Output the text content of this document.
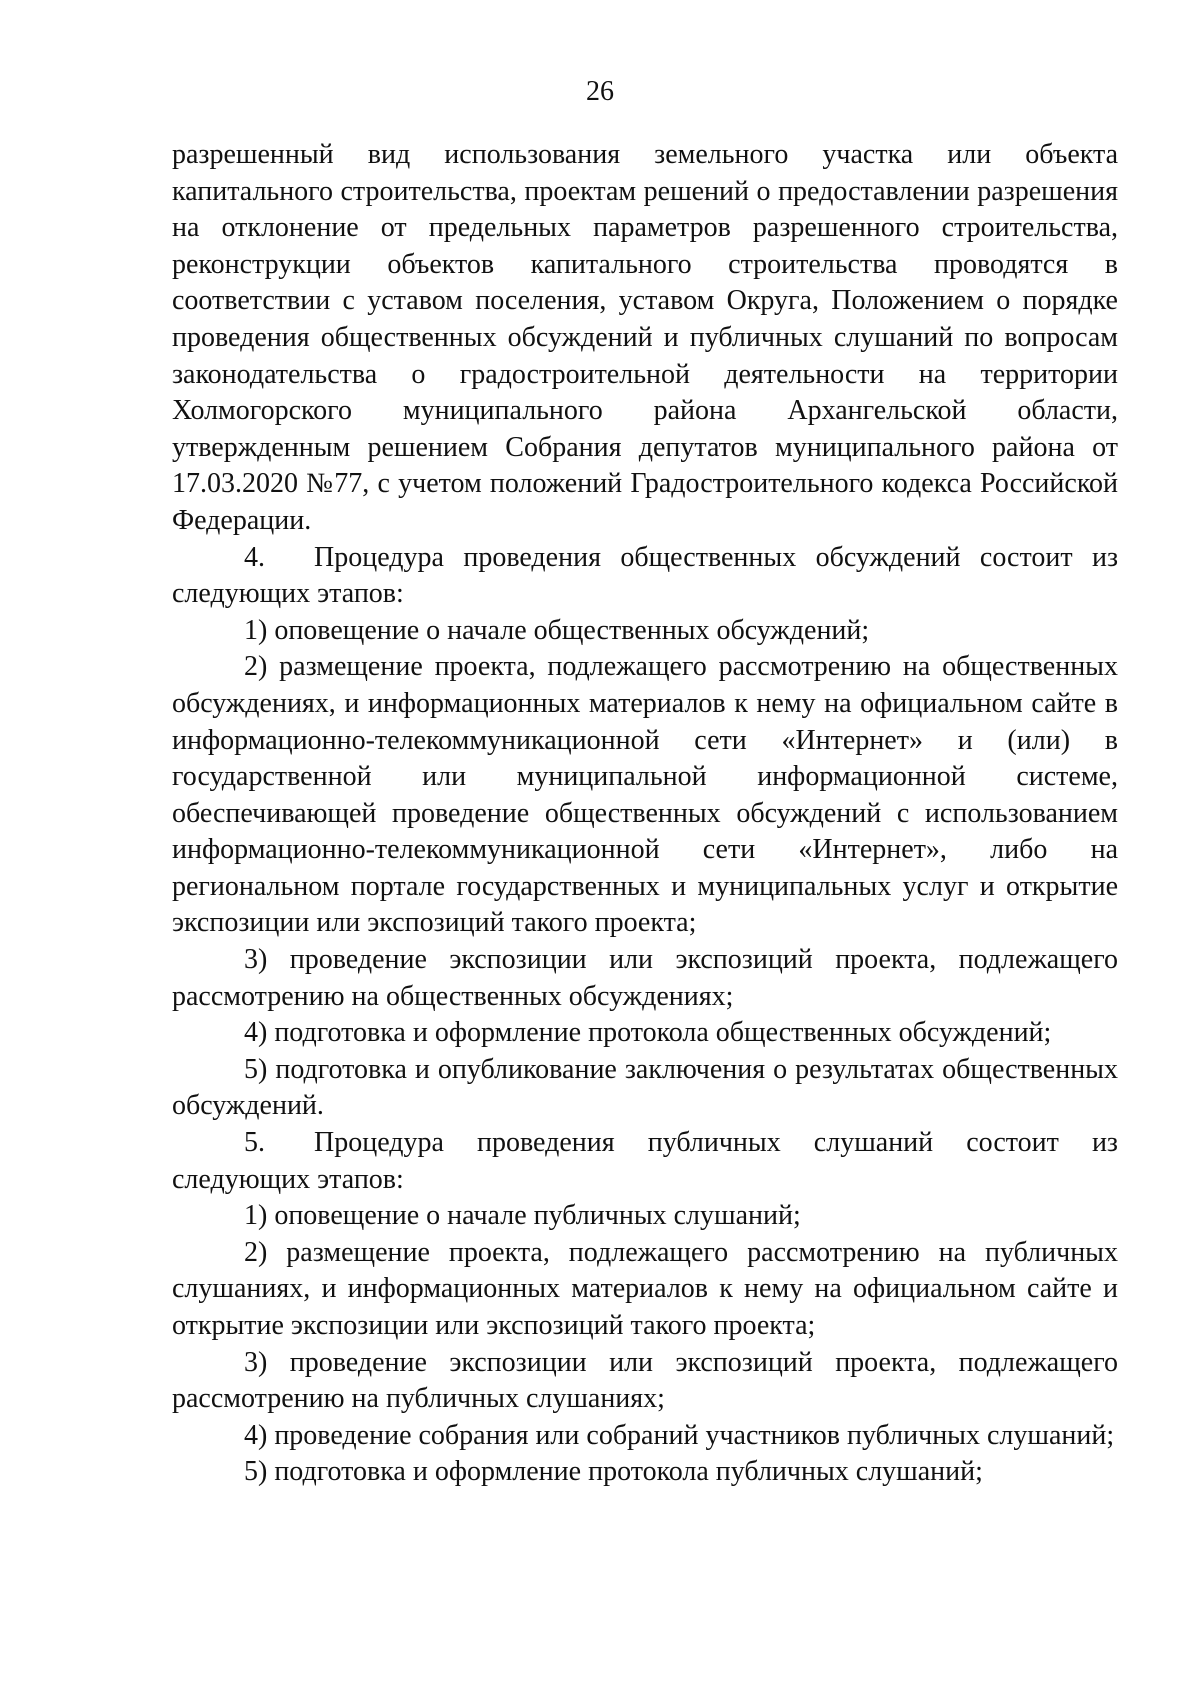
26

разрешенный вид использования земельного участка или объекта капитального строительства, проектам решений о предоставлении разрешения на отклонение от предельных параметров разрешенного строительства, реконструкции объектов капитального строительства проводятся в соответствии с уставом поселения, уставом Округа, Положением о порядке проведения общественных обсуждений и публичных слушаний по вопросам законодательства о градостроительной деятельности на территории Холмогорского муниципального района Архангельской области, утвержденным решением Собрания депутатов муниципального района от 17.03.2020 №77, с учетом положений Градостроительного кодекса Российской Федерации.

4. Процедура проведения общественных обсуждений состоит из следующих этапов:

1) оповещение о начале общественных обсуждений;

2) размещение проекта, подлежащего рассмотрению на общественных обсуждениях, и информационных материалов к нему на официальном сайте в информационно-телекоммуникационной сети «Интернет» и (или) в государственной или муниципальной информационной системе, обеспечивающей проведение общественных обсуждений с использованием информационно-телекоммуникационной сети «Интернет», либо на региональном портале государственных и муниципальных услуг и открытие экспозиции или экспозиций такого проекта;

3) проведение экспозиции или экспозиций проекта, подлежащего рассмотрению на общественных обсуждениях;

4) подготовка и оформление протокола общественных обсуждений;

5) подготовка и опубликование заключения о результатах общественных обсуждений.

5. Процедура проведения публичных слушаний состоит из следующих этапов:

1) оповещение о начале публичных слушаний;

2) размещение проекта, подлежащего рассмотрению на публичных слушаниях, и информационных материалов к нему на официальном сайте и открытие экспозиции или экспозиций такого проекта;

3) проведение экспозиции или экспозиций проекта, подлежащего рассмотрению на публичных слушаниях;

4) проведение собрания или собраний участников публичных слушаний;

5) подготовка и оформление протокола публичных слушаний;
